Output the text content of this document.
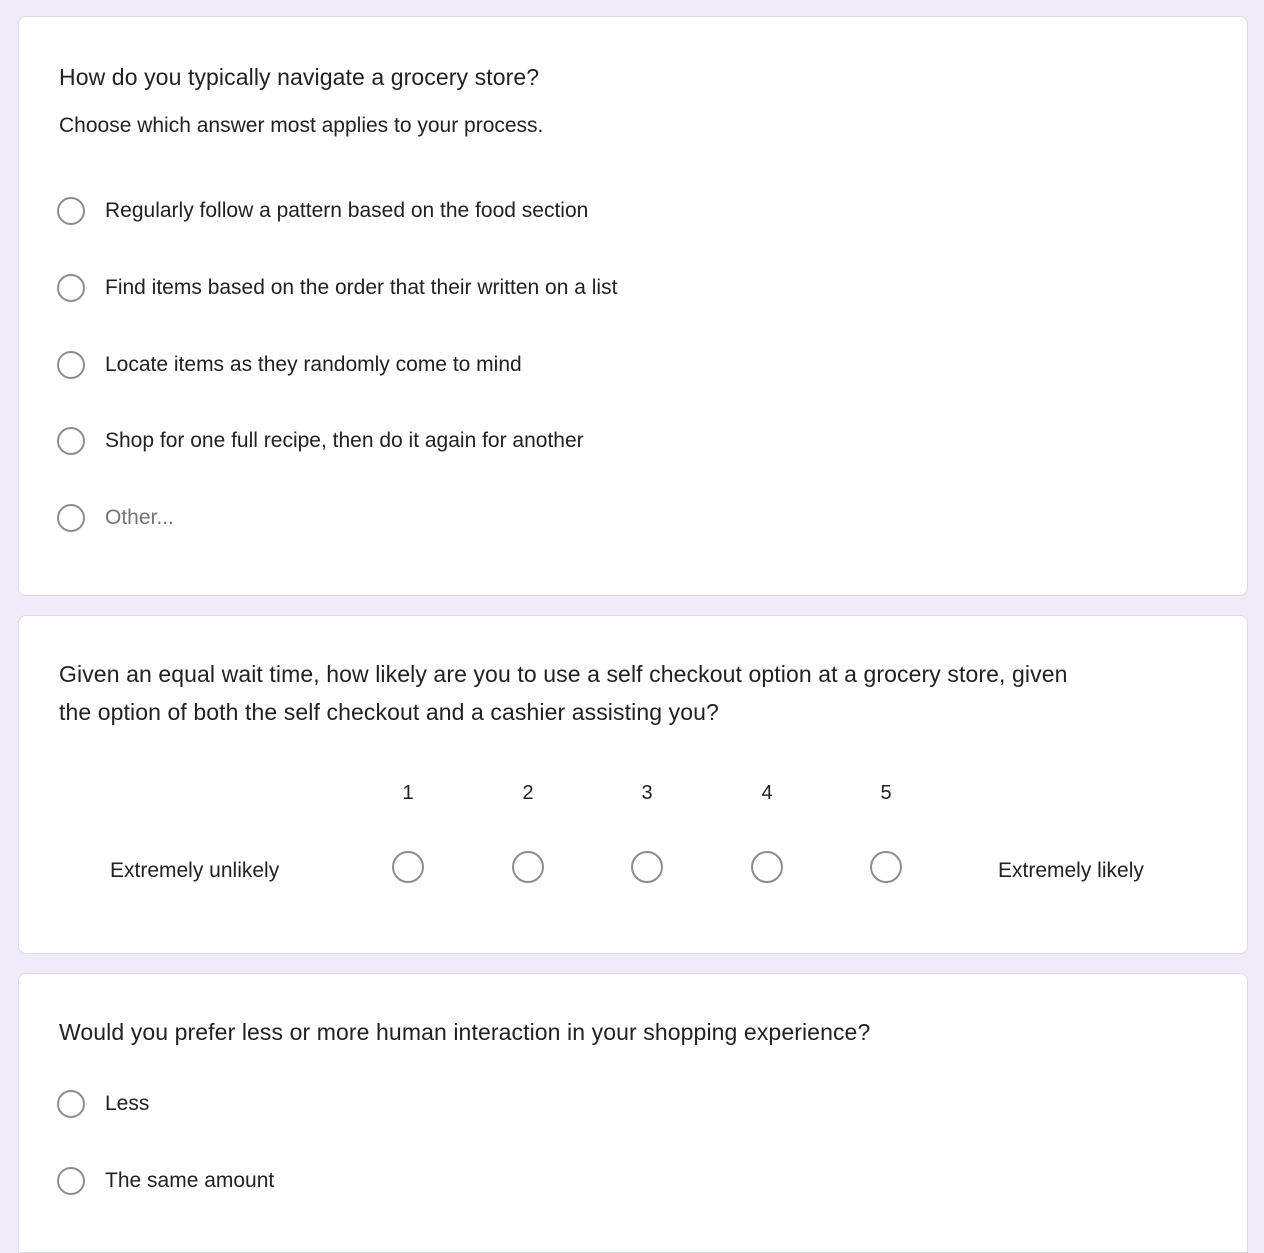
How do you typically navigate a grocery store?
Choose which answer most applies to your process.
Regularly follow a pattern based on the food section
Find items based on the order that their written on a list
Locate items as they randomly come to mind
Shop for one full recipe, then do it again for another
Other...
Given an equal wait time, how likely are you to use a self checkout option at a grocery store, given
the option of both the self checkout and a cashier assisting you?
1	2	3	4	5
Extremely unlikely	Extremely likely
Would you prefer less or more human interaction in your shopping experience?
Less
The same amount
